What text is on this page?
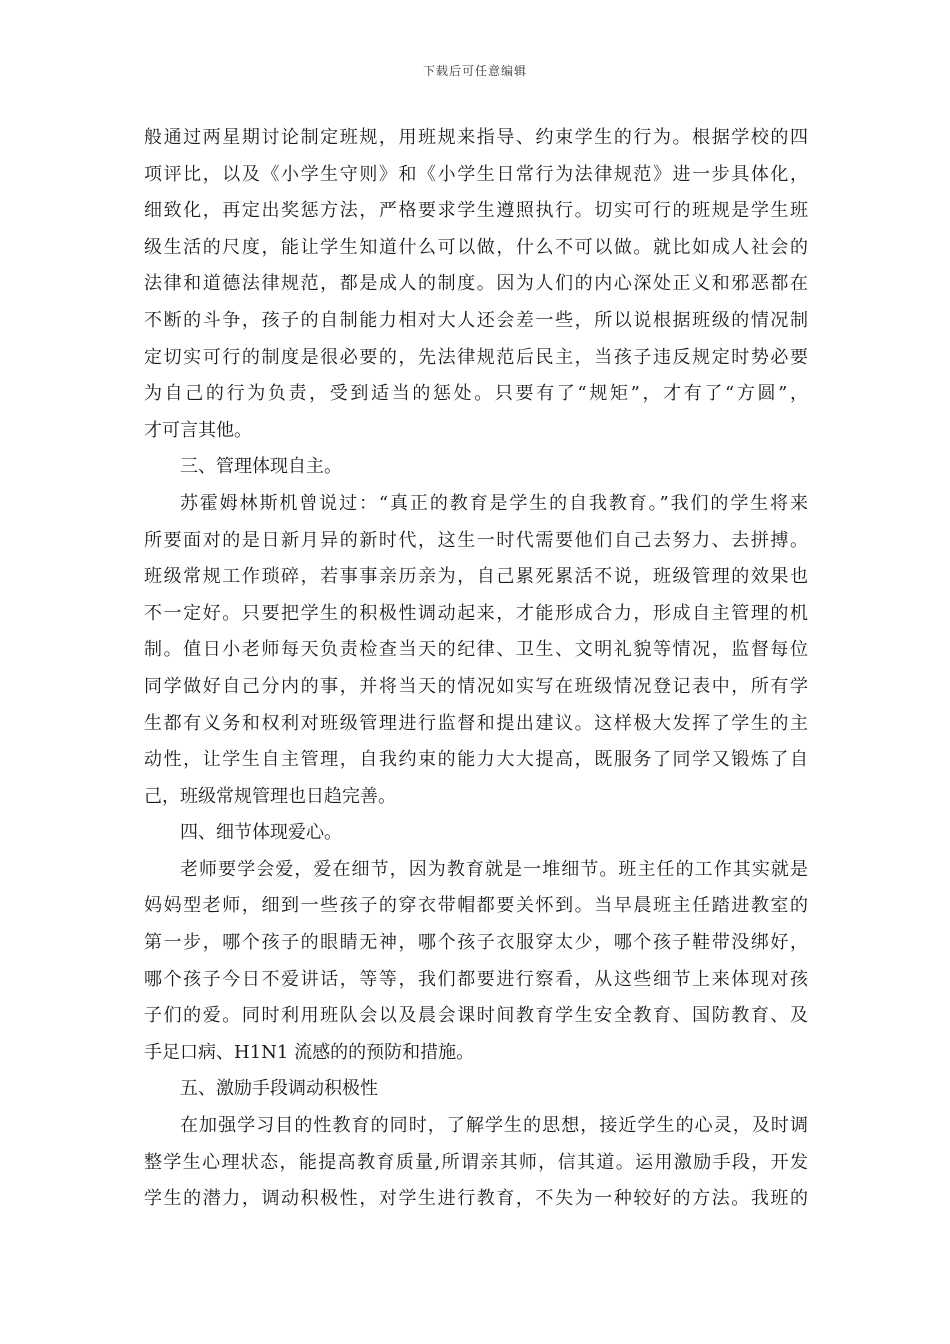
下载后可任意编辑
般通过两星期讨论制定班规，用班规来指导、约束学生的行为。根据学校的四
项评比，以及《小学生守则》和《小学生日常行为法律规范》进一步具体化，
细致化，再定出奖惩方法，严格要求学生遵照执行。切实可行的班规是学生班
级生活的尺度，能让学生知道什么可以做，什么不可以做。就比如成人社会的
法律和道德法律规范，都是成人的制度。因为人们的内心深处正义和邪恶都在
不断的斗争，孩子的自制能力相对大人还会差一些，所以说根据班级的情况制
定切实可行的制度是很必要的，先法律规范后民主，当孩子违反规定时势必要
为自己的行为负责，受到适当的惩处。只要有了“规矩”，才有了“方圆”，
才可言其他。
三、管理体现自主。
苏霍姆林斯机曾说过：“真正的教育是学生的自我教育。”我们的学生将来
所要面对的是日新月异的新时代，这生一时代需要他们自己去努力、去拼搏。
班级常规工作琐碎，若事事亲历亲为，自己累死累活不说，班级管理的效果也
不一定好。只要把学生的积极性调动起来，才能形成合力，形成自主管理的机
制。值日小老师每天负责检查当天的纪律、卫生、文明礼貌等情况，监督每位
同学做好自己分内的事，并将当天的情况如实写在班级情况登记表中，所有学
生都有义务和权利对班级管理进行监督和提出建议。这样极大发挥了学生的主
动性，让学生自主管理，自我约束的能力大大提高，既服务了同学又锻炼了自
己，班级常规管理也日趋完善。
四、细节体现爱心。
老师要学会爱，爱在细节，因为教育就是一堆细节。班主任的工作其实就是
妈妈型老师，细到一些孩子的穿衣带帽都要关怀到。当早晨班主任踏进教室的
第一步，哪个孩子的眼睛无神，哪个孩子衣服穿太少，哪个孩子鞋带没绑好，
哪个孩子今日不爱讲话，等等，我们都要进行察看，从这些细节上来体现对孩
子们的爱。同时利用班队会以及晨会课时间教育学生安全教育、国防教育、及
手足口病、H1N1 流感的的预防和措施。
五、激励手段调动积极性
在加强学习目的性教育的同时，了解学生的思想，接近学生的心灵，及时调
整学生心理状态，能提高教育质量,所谓亲其师，信其道。运用激励手段，开发
学生的潜力，调动积极性，对学生进行教育，不失为一种较好的方法。我班的
